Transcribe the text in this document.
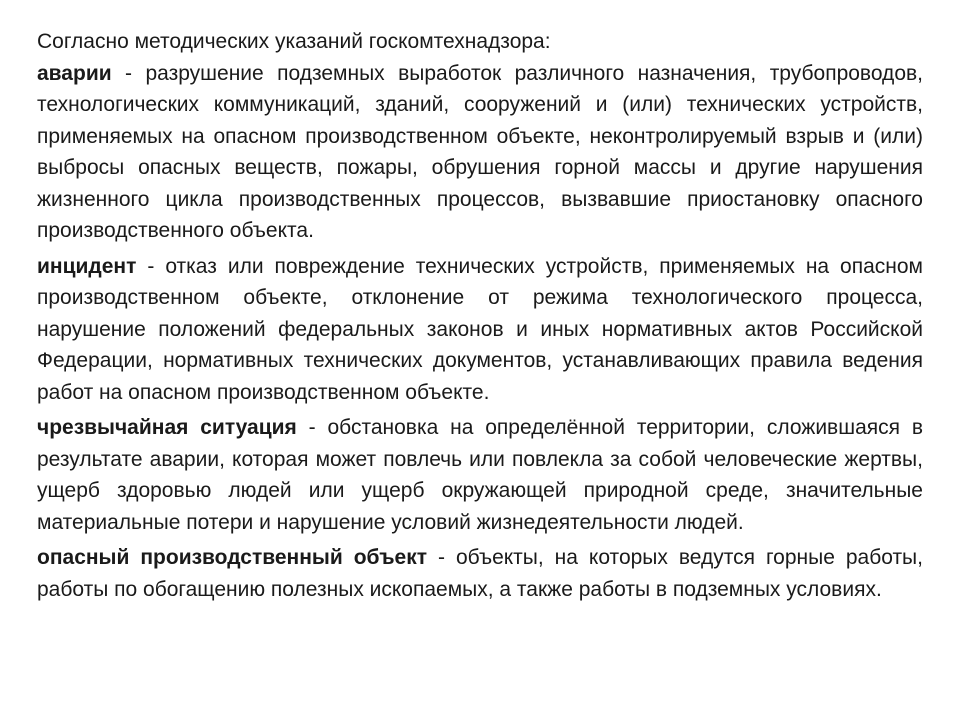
Согласно методических указаний госкомтехнадзора:

аварии - разрушение подземных выработок различного назначения, трубопроводов, технологических коммуникаций, зданий, сооружений и (или) технических устройств, применяемых на опасном производственном объекте, неконтролируемый взрыв и (или) выбросы опасных веществ, пожары, обрушения горной массы и другие нарушения жизненного цикла производственных процессов, вызвавшие приостановку опасного производственного объекта.

инцидент - отказ или повреждение технических устройств, применяемых на опасном производственном объекте, отклонение от режима технологического процесса, нарушение положений федеральных законов и иных нормативных актов Российской Федерации, нормативных технических документов, устанавливающих правила ведения работ на опасном производственном объекте.

чрезвычайная ситуация - обстановка на определённой территории, сложившаяся в результате аварии, которая может повлечь или повлекла за собой человеческие жертвы, ущерб здоровью людей или ущерб окружающей природной среде, значительные материальные потери и нарушение условий жизнедеятельности людей.

опасный производственный объект - объекты, на которых ведутся горные работы, работы по обогащению полезных ископаемых, а также работы в подземных условиях.
